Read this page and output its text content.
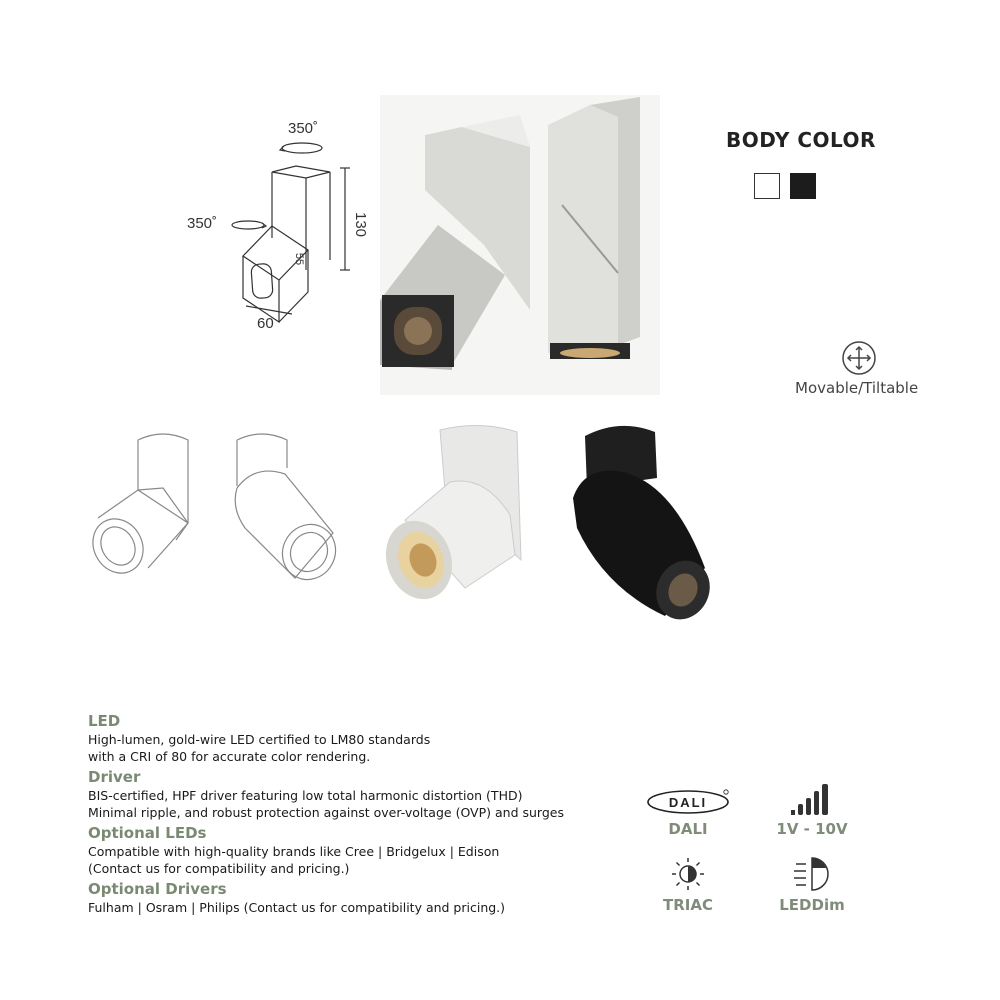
350˚
350˚	130
60
55
BODY COLOR
Movable/Tiltable
LED
High-lumen, gold-wire LED certified to LM80 standards
with a CRI of 80 for accurate color rendering.
Driver
BIS-certified, HPF driver featuring low total harmonic distortion (THD)
Minimal ripple, and robust protection against over-voltage (OVP) and surges
Optional LEDs
Compatible with high-quality brands like Cree | Bridgelux | Edison
(Contact us for compatibility and pricing.)
Optional Drivers
Fulham | Osram | Philips (Contact us for compatibility and pricing.)
DALI
DALI	1V - 10V
TRIAC	LEDDim
